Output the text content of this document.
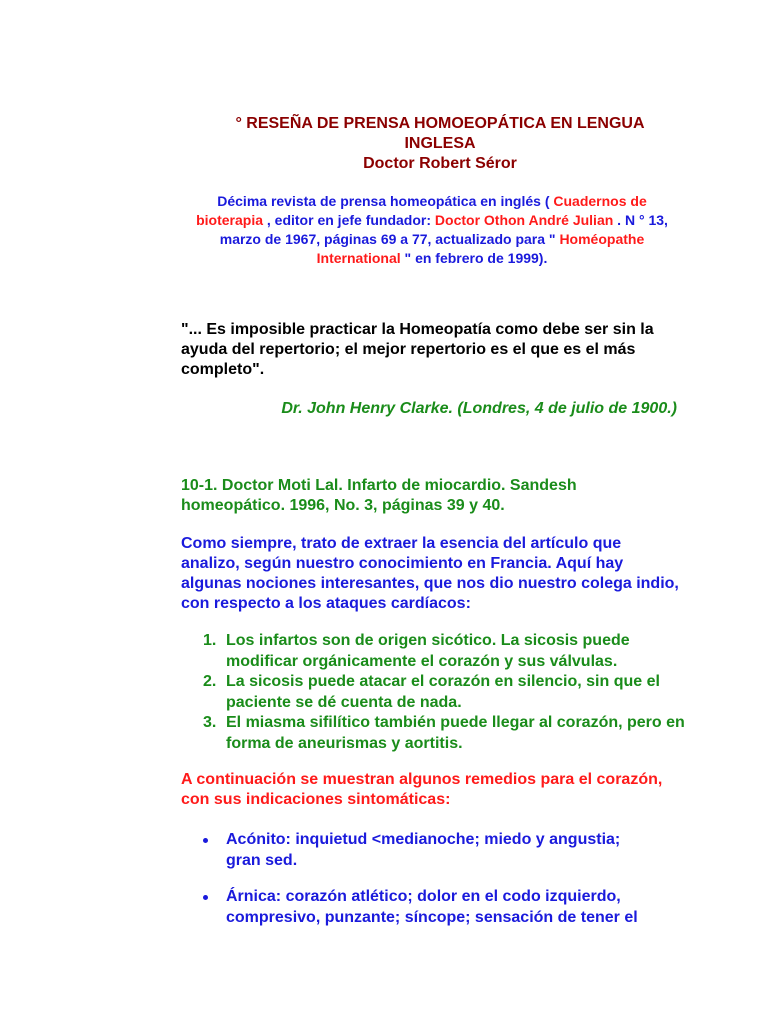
° RESEÑA DE PRENSA HOMOEOPÁTICA EN LENGUA
INGLESA
Doctor Robert Séror
Décima revista de prensa homeopática en inglés ( Cuadernos de bioterapia , editor en jefe fundador: Doctor Othon André Julian . N ° 13, marzo de 1967, páginas 69 a 77, actualizado para " Homéopathe International " en febrero de 1999).
"... Es imposible practicar la Homeopatía como debe ser sin la ayuda del repertorio; el mejor repertorio es el que es el más completo".
Dr. John Henry Clarke. (Londres, 4 de julio de 1900.)
10-1. Doctor Moti Lal. Infarto de miocardio. Sandesh homeopático. 1996, No. 3, páginas 39 y 40.
Como siempre, trato de extraer la esencia del artículo que analizo, según nuestro conocimiento en Francia. Aquí hay algunas nociones interesantes, que nos dio nuestro colega indio, con respecto a los ataques cardíacos:
1. Los infartos son de origen sicótico. La sicosis puede modificar orgánicamente el corazón y sus válvulas.
2. La sicosis puede atacar el corazón en silencio, sin que el paciente se dé cuenta de nada.
3. El miasma sifilítico también puede llegar al corazón, pero en forma de aneurismas y aortitis.
A continuación se muestran algunos remedios para el corazón, con sus indicaciones sintomáticas:
Acónito: inquietud <medianoche; miedo y angustia; gran sed.
Árnica: corazón atlético; dolor en el codo izquierdo, compresivo, punzante; síncope; sensación de tener el
